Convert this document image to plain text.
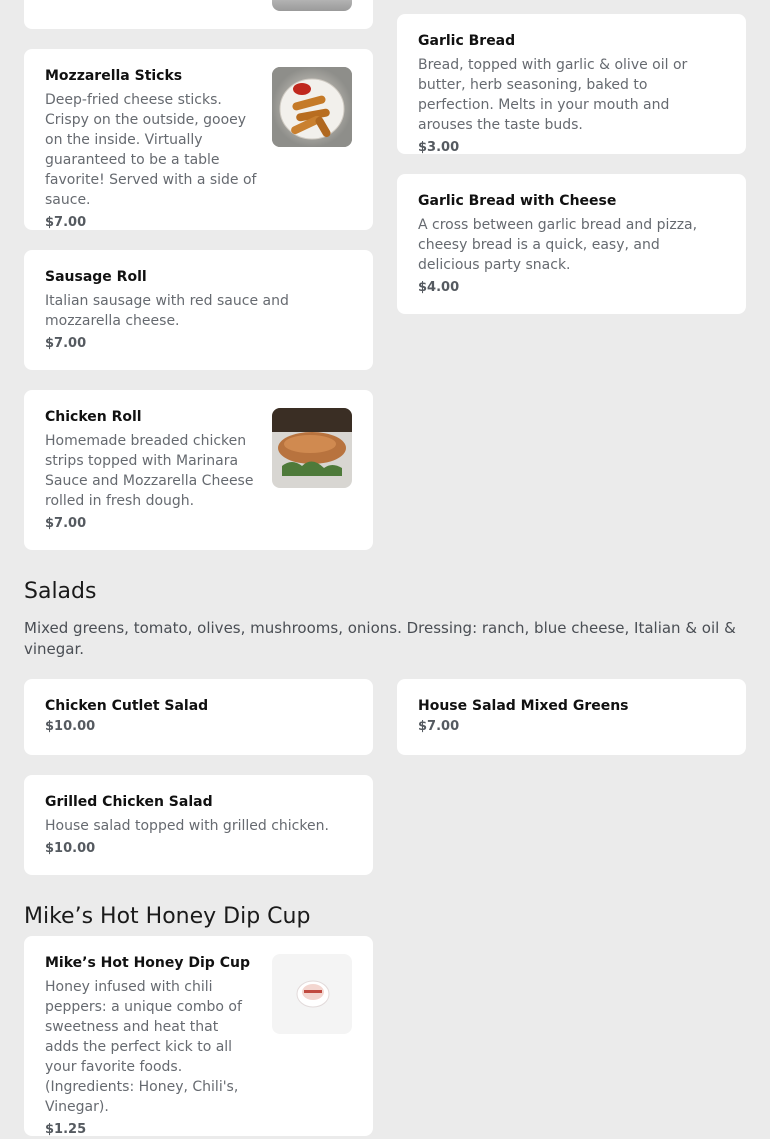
Mozzarella Sticks
Deep-fried cheese sticks. Crispy on the outside, gooey on the inside. Virtually guaranteed to be a table favorite! Served with a side of sauce.
$7.00
Sausage Roll
Italian sausage with red sauce and mozzarella cheese.
$7.00
Chicken Roll
Homemade breaded chicken strips topped with Marinara Sauce and Mozzarella Cheese rolled in fresh dough.
$7.00
Garlic Bread
Bread, topped with garlic & olive oil or butter, herb seasoning, baked to perfection. Melts in your mouth and arouses the taste buds.
$3.00
Garlic Bread with Cheese
A cross between garlic bread and pizza, cheesy bread is a quick, easy, and delicious party snack.
$4.00
Salads
Mixed greens, tomato, olives, mushrooms, onions. Dressing: ranch, blue cheese, Italian & oil & vinegar.
Chicken Cutlet Salad
$10.00
House Salad Mixed Greens
$7.00
Grilled Chicken Salad
House salad topped with grilled chicken.
$10.00
Mike’s Hot Honey Dip Cup
Mike’s Hot Honey Dip Cup
Honey infused with chili peppers: a unique combo of sweetness and heat that adds the perfect kick to all your favorite foods. (Ingredients: Honey, Chili's, Vinegar).
$1.25
